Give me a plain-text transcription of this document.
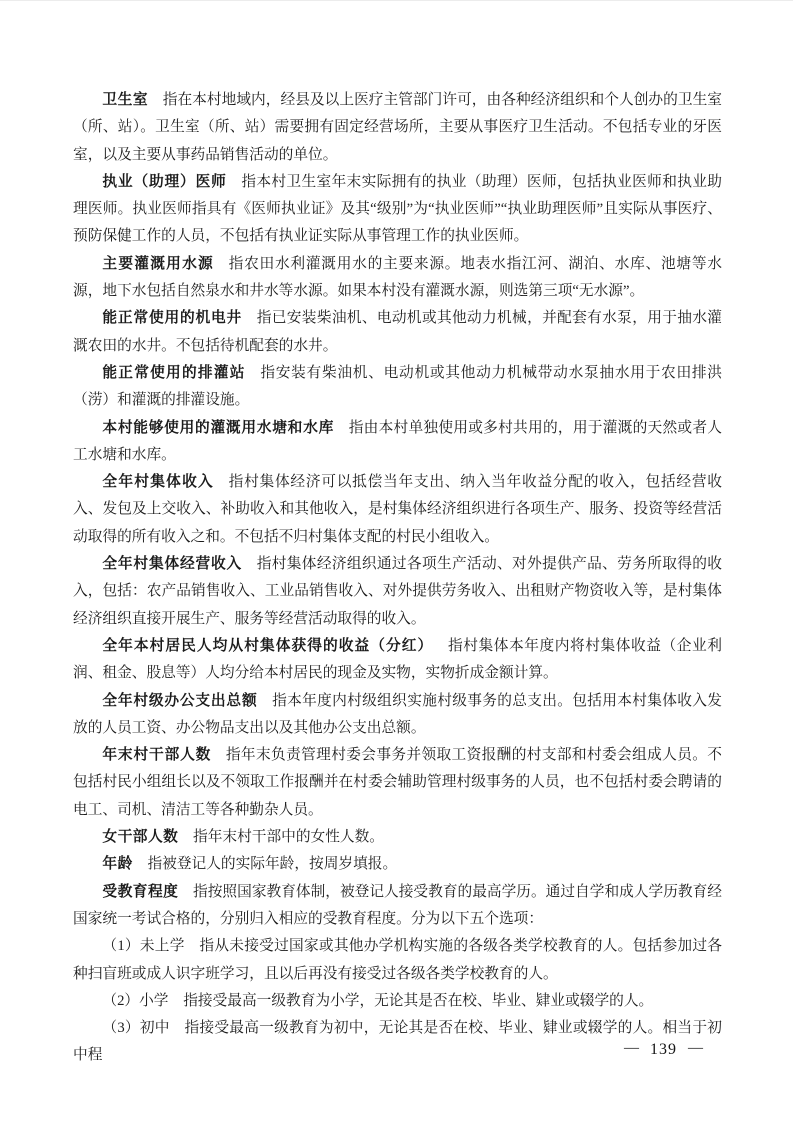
卫生室 指在本村地域内，经县及以上医疗主管部门许可，由各种经济组织和个人创办的卫生室（所、站）。卫生室（所、站）需要拥有固定经营场所，主要从事医疗卫生活动。不包括专业的牙医室，以及主要从事药品销售活动的单位。

执业（助理）医师 指本村卫生室年末实际拥有的执业（助理）医师，包括执业医师和执业助理医师。执业医师指具有《医师执业证》及其“级别”为“执业医师”“执业助理医师”且实际从事医疗、预防保健工作的人员，不包括有执业证实际从事管理工作的执业医师。

主要灌溉用水源 指农田水利灌溉用水的主要来源。地表水指江河、湖泊、水库、池塘等水源，地下水包括自然泉水和井水等水源。如果本村没有灌溉水源，则选第三项“无水源”。

能正常使用的机电井 指已安装柴油机、电动机或其他动力机械，并配套有水泵，用于抽水灌溉农田的水井。不包括待机配套的水井。

能正常使用的排灌站 指安装有柴油机、电动机或其他动力机械带动水泵抽水用于农田排洪（涝）和灌溉的排灌设施。

本村能够使用的灌溉用水塘和水库 指由本村单独使用或多村共用的，用于灌溉的天然或者人工水塘和水库。

全年村集体收入 指村集体经济可以抵偿当年支出、纳入当年收益分配的收入，包括经营收入、发包及上交收入、补助收入和其他收入，是村集体经济组织进行各项生产、服务、投资等经营活动取得的所有收入之和。不包括不归村集体支配的村民小组收入。

全年村集体经营收入 指村集体经济组织通过各项生产活动、对外提供产品、劳务所取得的收入，包括：农产品销售收入、工业品销售收入、对外提供劳务收入、出租财产物资收入等，是村集体经济组织直接开展生产、服务等经营活动取得的收入。

全年本村居民人均从村集体获得的收益（分红） 指村集体本年度内将村集体收益（企业利润、租金、股息等）人均分给本村居民的现金及实物，实物折成金额计算。

全年村级办公支出总额 指本年度内村级组织实施村级事务的总支出。包括用本村集体收入发放的人员工资、办公物品支出以及其他办公支出总额。

年末村干部人数 指年末负责管理村委会事务并领取工资报酬的村支部和村委会组成人员。不包括村民小组组长以及不领取工作报酬并在村委会辅助管理村级事务的人员，也不包括村委会聘请的电工、司机、清洁工等各种勤杂人员。

女干部人数 指年末村干部中的女性人数。

年龄 指被登记人的实际年龄，按周岁填报。

受教育程度 指按照国家教育体制，被登记人接受教育的最高学历。通过自学和成人学历教育经国家统一考试合格的，分别归入相应的受教育程度。分为以下五个选项：

（1）未上学 指从未接受过国家或其他办学机构实施的各级各类学校教育的人。包括参加过各种扫盲班或成人识字班学习，且以后再没有接受过各级各类学校教育的人。

（2）小学 指接受最高一级教育为小学，无论其是否在校、毕业、肄业或辍学的人。

（3）初中 指接受最高一级教育为初中，无论其是否在校、毕业、肄业或辍学的人。相当于初中程	— 139 —
